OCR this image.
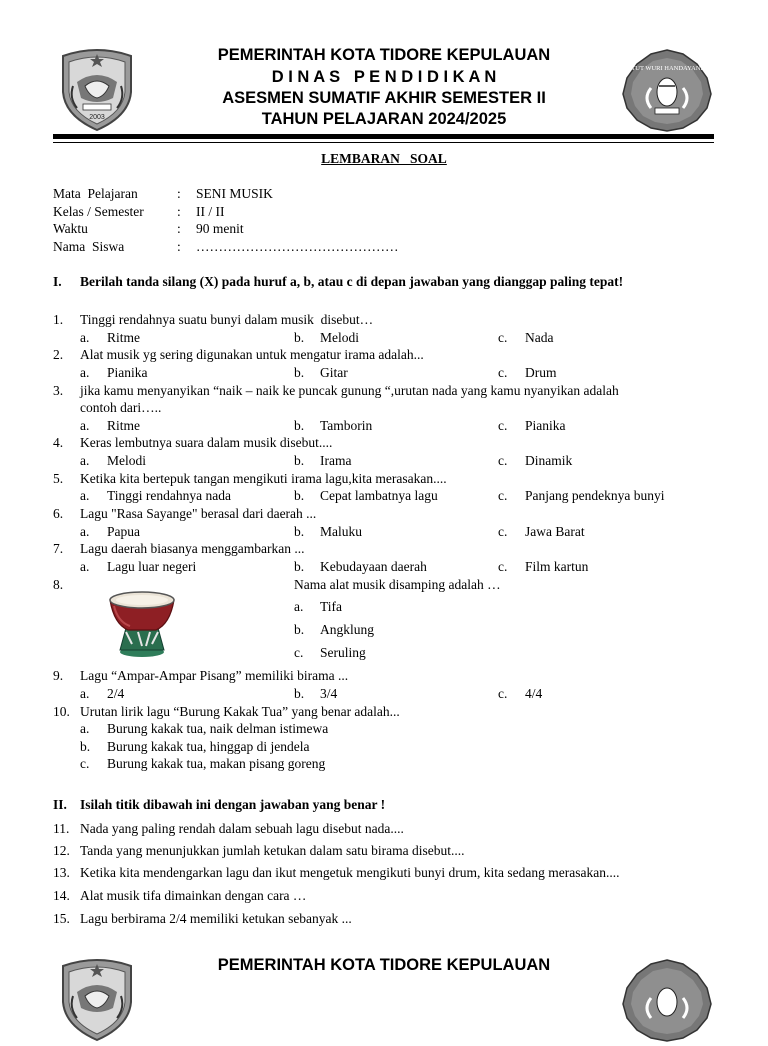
2003
TUT WURI HANDAYANI
PEMERINTAH KOTA TIDORE KEPULAUAN
D I N A S   P E N D I D I K A N
ASESMEN SUMATIF AKHIR SEMESTER II
TAHUN PELAJARAN 2024/2025
LEMBARAN   SOAL
Mata  Pelajaran	: SENI MUSIK
Kelas / Semester : II / II
Waktu	: 90 menit
Nama  Siswa	: ………………………………………
I. Berilah tanda silang (X) pada huruf a, b, atau c di depan jawaban yang dianggap paling tepat!
1. Tinggi rendahnya suatu bunyi dalam musik  disebut…
a. Ritme	b. Melodi	c. Nada
2. Alat musik yg sering digunakan untuk mengatur irama adalah...
a. Pianika	b. Gitar	c. Drum
3. jika kamu menyanyikan “naik – naik ke puncak gunung “,urutan nada yang kamu nyanyikan adalah
contoh dari…..
a. Ritme	b. Tamborin	c. Pianika
4. Keras lembutnya suara dalam musik disebut....
a. Melodi	b. Irama	c. Dinamik
5. Ketika kita bertepuk tangan mengikuti irama lagu,kita merasakan....
a. Tinggi rendahnya nada	b. Cepat lambatnya lagu	c. Panjang pendeknya bunyi
6. Lagu "Rasa Sayange" berasal dari daerah ...
a. Papua	b. Maluku	c. Jawa Barat
7. Lagu daerah biasanya menggambarkan ...
a. Lagu luar negeri	b. Kebudayaan daerah	c. Film kartun
8.	Nama alat musik disamping adalah …
a. Tifa
b. Angklung
c. Seruling
9. Lagu “Ampar-Ampar Pisang” memiliki birama ...
a. 2/4	b. 3/4	c. 4/4
10. Urutan lirik lagu “Burung Kakak Tua” yang benar adalah...
a. Burung kakak tua, naik delman istimewa
b. Burung kakak tua, hinggap di jendela
c. Burung kakak tua, makan pisang goreng
II. Isilah titik dibawah ini dengan jawaban yang benar !
11. Nada yang paling rendah dalam sebuah lagu disebut nada....
12. Tanda yang menunjukkan jumlah ketukan dalam satu birama disebut....
13. Ketika kita mendengarkan lagu dan ikut mengetuk mengikuti bunyi drum, kita sedang merasakan....
14. Alat musik tifa dimainkan dengan cara …
15. Lagu berbirama 2/4 memiliki ketukan sebanyak ...
PEMERINTAH KOTA TIDORE KEPULAUAN
